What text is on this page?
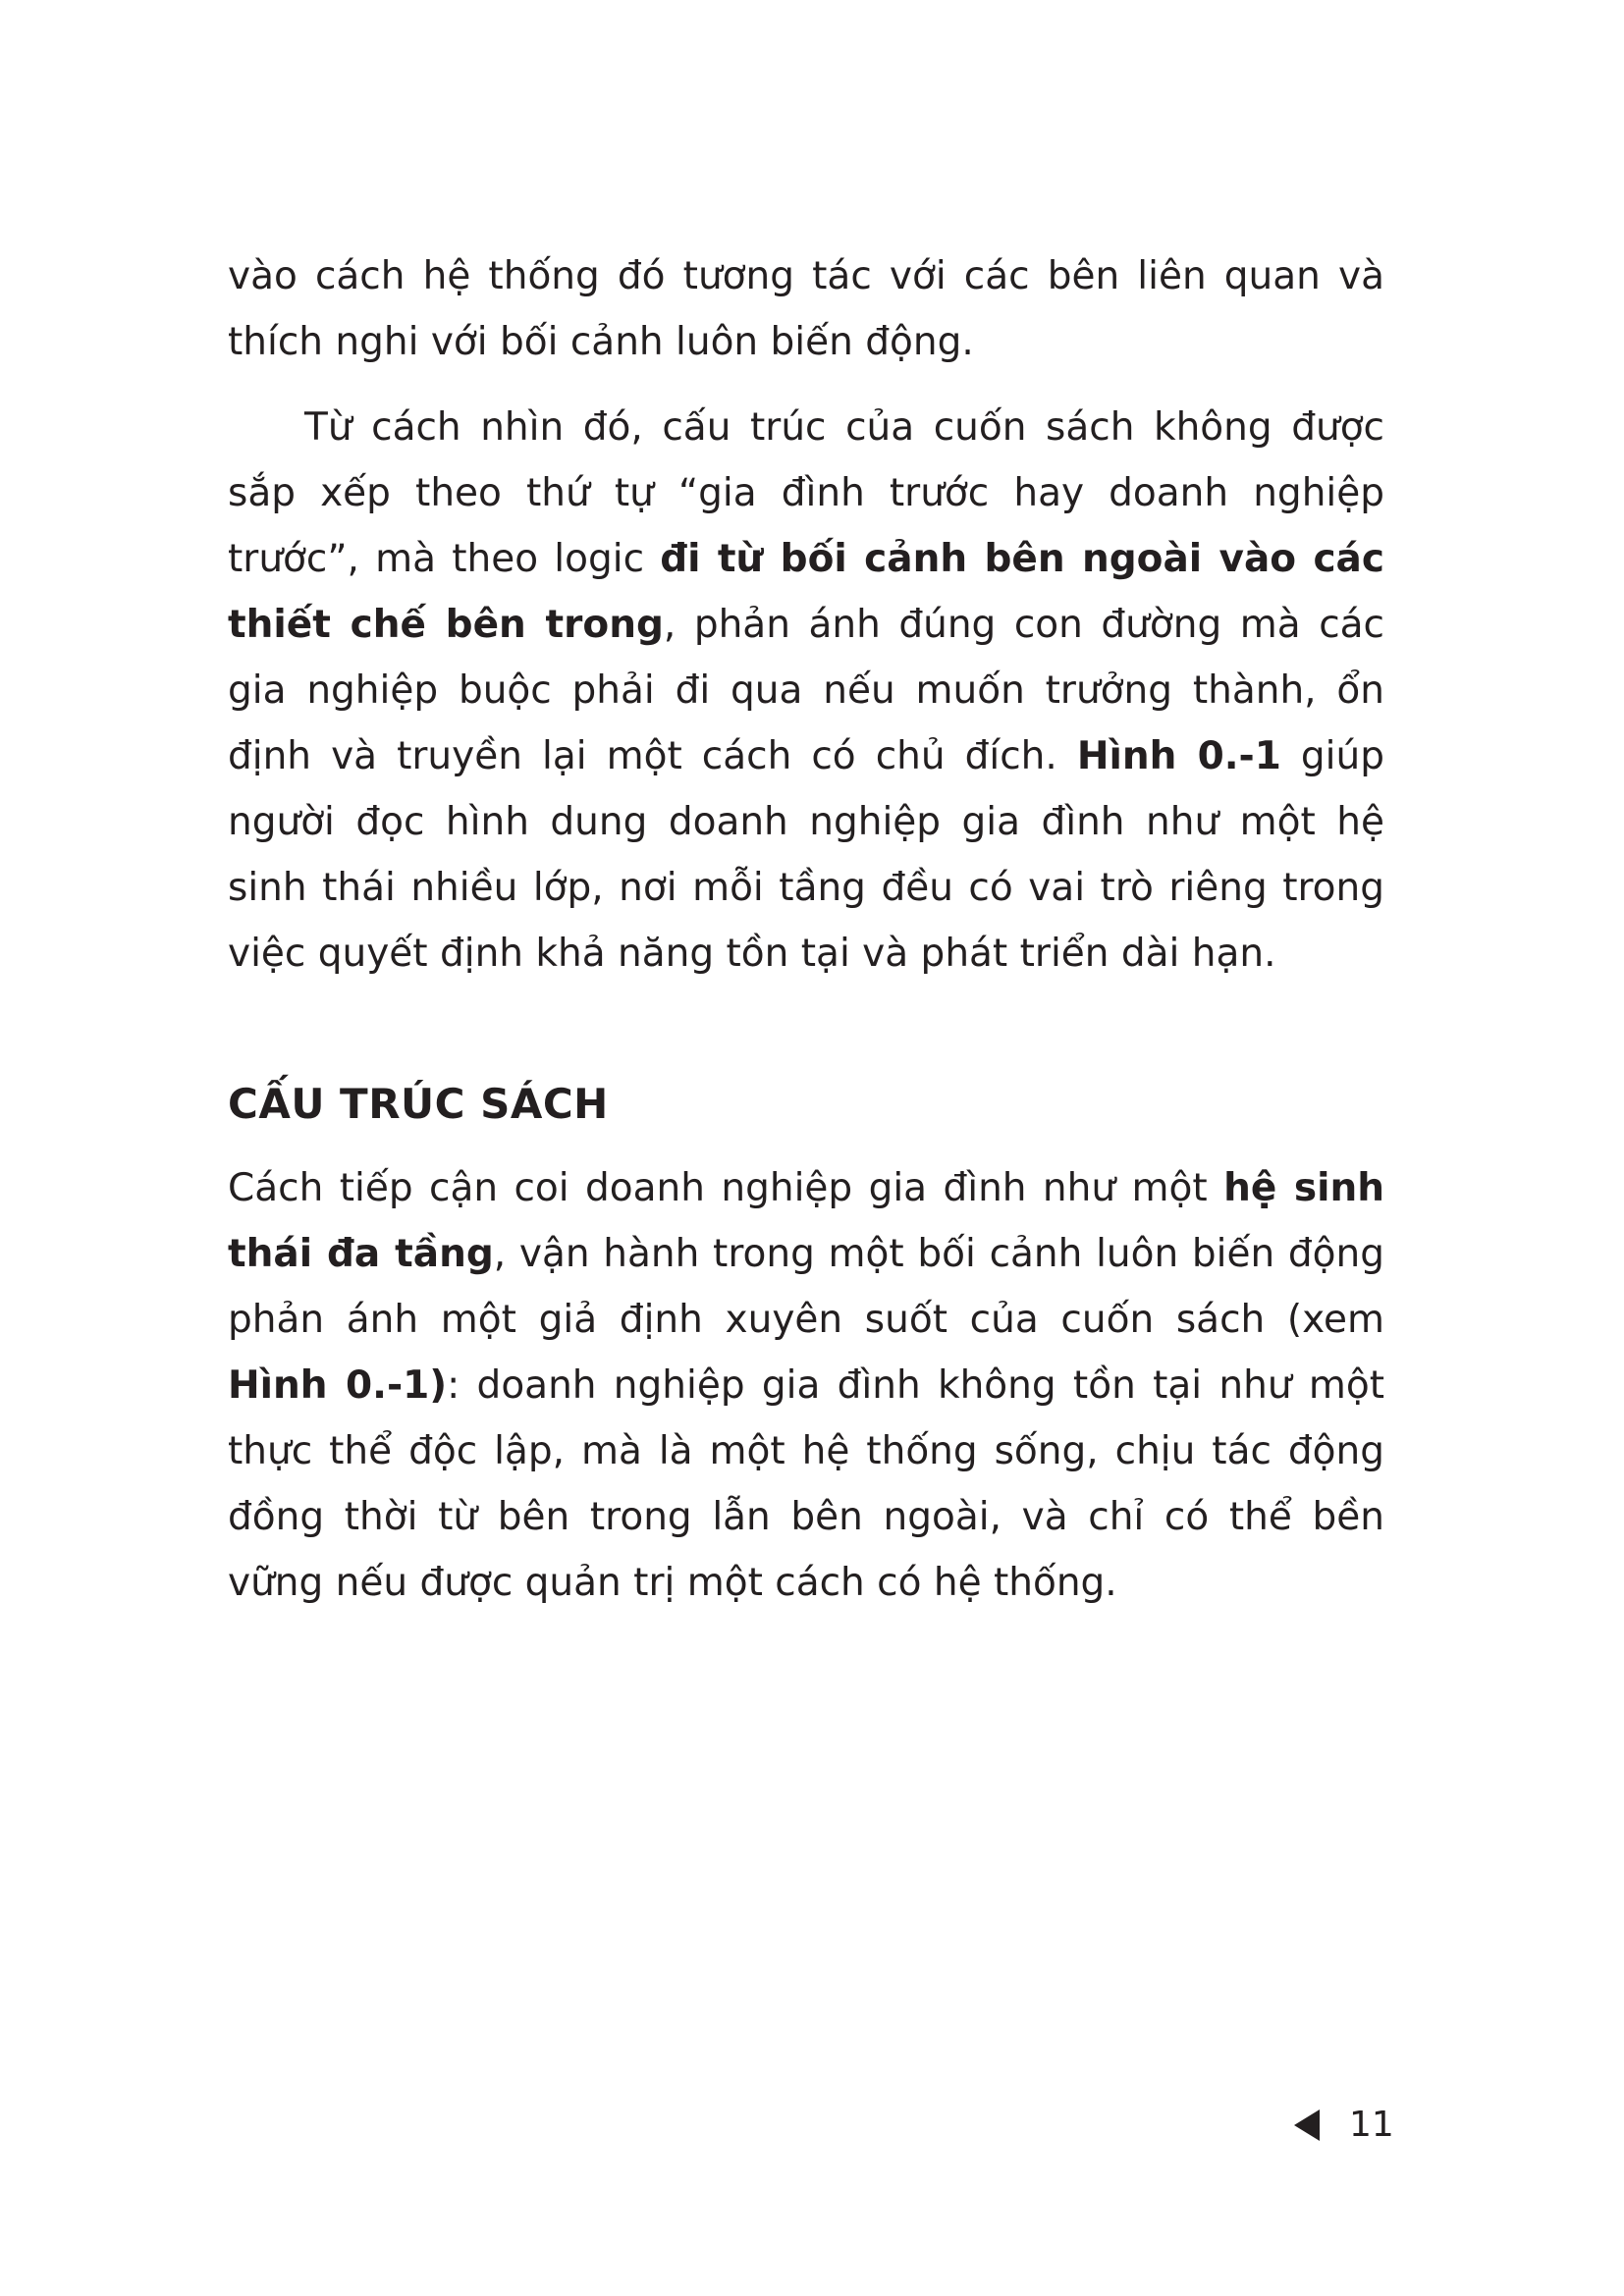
vào cách hệ thống đó tương tác với các bên liên quan và thích nghi với bối cảnh luôn biến động.

Từ cách nhìn đó, cấu trúc của cuốn sách không được sắp xếp theo thứ tự “gia đình trước hay doanh nghiệp trước”, mà theo logic đi từ bối cảnh bên ngoài vào các thiết chế bên trong, phản ánh đúng con đường mà các gia nghiệp buộc phải đi qua nếu muốn trưởng thành, ổn định và truyền lại một cách có chủ đích. Hình 0.-1 giúp người đọc hình dung doanh nghiệp gia đình như một hệ sinh thái nhiều lớp, nơi mỗi tầng đều có vai trò riêng trong việc quyết định khả năng tồn tại và phát triển dài hạn.

CẤU TRÚC SÁCH

Cách tiếp cận coi doanh nghiệp gia đình như một hệ sinh thái đa tầng, vận hành trong một bối cảnh luôn biến động phản ánh một giả định xuyên suốt của cuốn sách (xem Hình 0.-1): doanh nghiệp gia đình không tồn tại như một thực thể độc lập, mà là một hệ thống sống, chịu tác động đồng thời từ bên trong lẫn bên ngoài, và chỉ có thể bền vững nếu được quản trị một cách có hệ thống.

11
